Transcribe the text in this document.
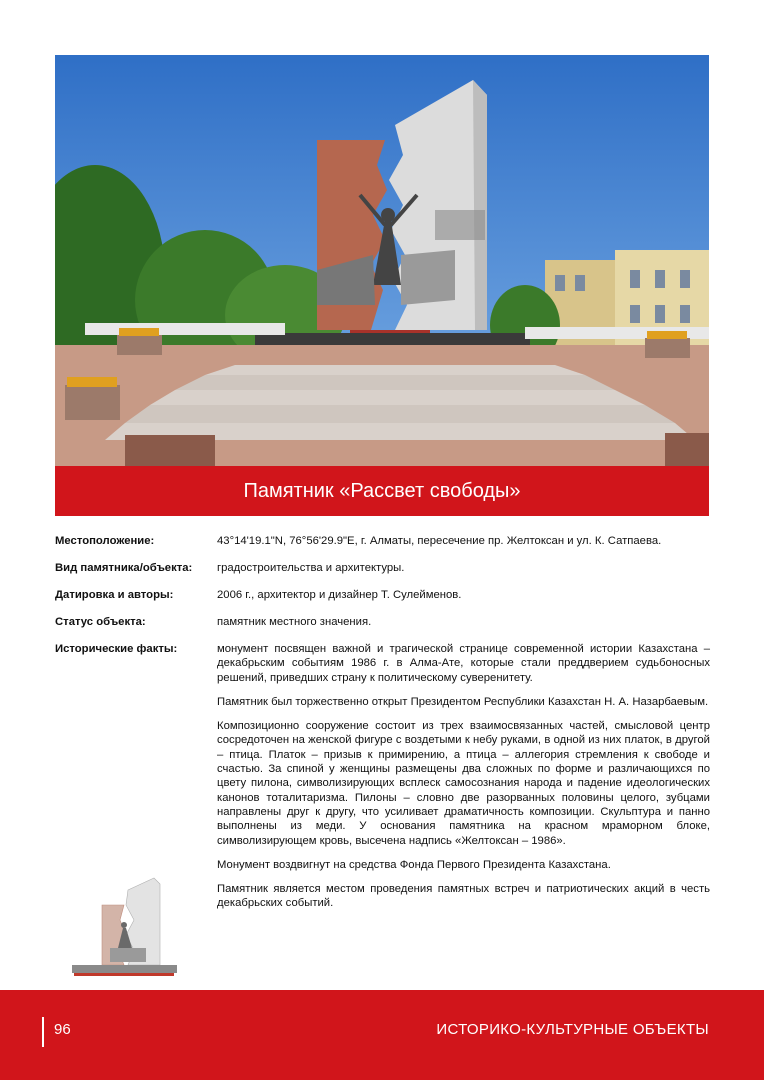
Памятник «Рассвет свободы»
Местоположение:	43°14'19.1"N, 76°56'29.9"E, г. Алматы, пересечение пр. Желтоксан и ул. К. Сатпаева.
Вид памятника/объекта:	градостроительства и архитектуры.
Датировка и авторы:	2006 г., архитектор и дизайнер Т. Сулейменов.
Статус объекта:	памятник местного значения.
Исторические факты:	монумент посвящен важной и трагической странице современной истории Казахстана – декабрьским событиям 1986 г. в Алма-Ате, которые стали преддверием судьбоносных решений, приведших страну к политическому суверенитету.

Памятник был торжественно открыт Президентом Республики Казахстан Н. А. Назарбаевым.

Композиционно сооружение состоит из трех взаимосвязанных частей, смысловой центр сосредоточен на женской фигуре с воздетыми к небу руками, в одной из них платок, в другой – птица. Платок – призыв к примирению, а птица – аллегория стремления к свободе и счастью. За спиной у женщины размещены два сложных по форме и различающихся по цвету пилона, символизирующих всплеск самосознания народа и падение идеологических канонов тоталитаризма. Пилоны – словно две разорванных половины целого, зубцами направлены друг к другу, что усиливает драматичность композиции. Скульптура и панно выполнены из меди. У основания памятника на красном мраморном блоке, символизирующем кровь, высечена надпись «Желтоксан – 1986».

Монумент воздвигнут на средства Фонда Первого Президента Казахстана.

Памятник является местом проведения памятных встреч и патриотических акций в честь декабрьских событий.

96	ИСТОРИКО-КУЛЬТУРНЫЕ ОБЪЕКТЫ
